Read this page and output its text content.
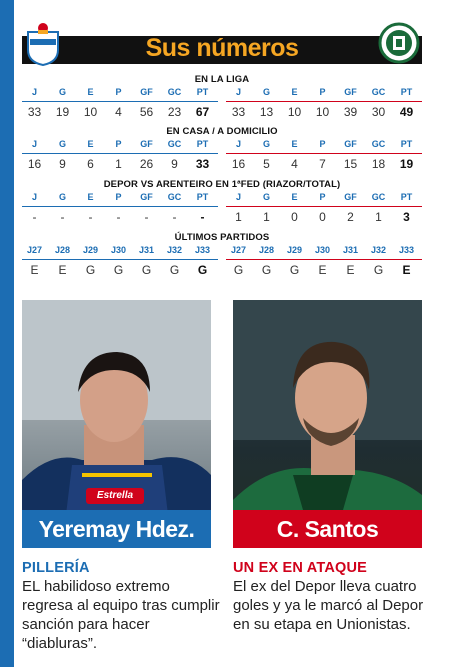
Sus números
EN LA LIGA
J	G	E	P	GF	GC	PT	J	G	E	P	GF	GC	PT
33	19	10	4	56	23	67	33	13	10	10	39	30	49
EN CASA / A DOMICILIO
J	G	E	P	GF	GC	PT	J	G	E	P	GF	GC	PT
16	9	6	1	26	9	33	16	5	4	7	15	18	19
DEPOR VS ARENTEIRO EN 1ªFED (RIAZOR/TOTAL)
J	G	E	P	GF	GC	PT	J	G	E	P	GF	GC	PT
-	-	-	-	-	-	-	1	1	0	0	2	1	3
ÚLTIMOS PARTIDOS
J27	J28	J29	J30	J31	J32	J33	J27	J28	J29	J30	J31	J32	J33
E	E	G	G	G	G	G	G	G	G	E	E	G	E
Estrella
Yeremay Hdez.	C. Santos
PILLERÍA
EL habilidoso extremo regresa al equipo tras cumplir sanción para hacer “diabluras”.
UN EX EN ATAQUE
El ex del Depor lleva cuatro goles y ya le marcó al Depor en su etapa en Unionistas.
